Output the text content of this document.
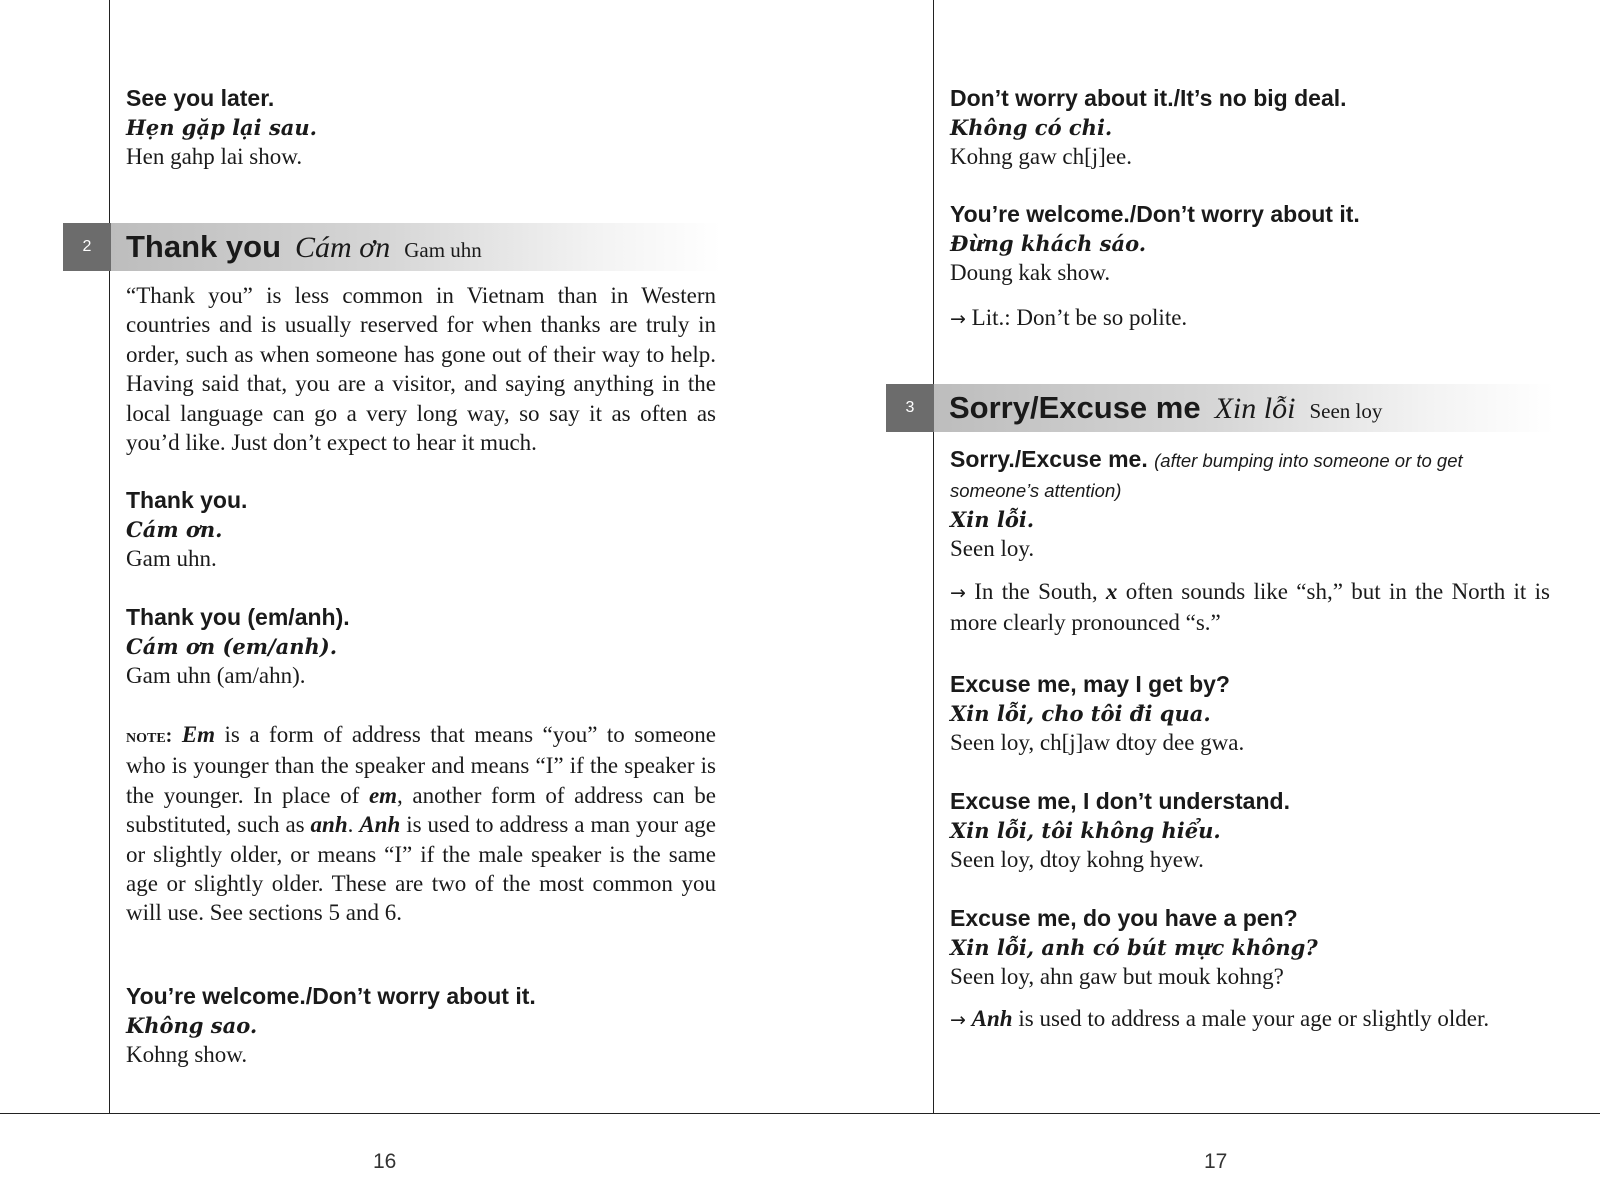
2	Thank you Cám ơn Gam uhn
3	Sorry/Excuse me Xin lỗi Seen loy
See you later.
Hẹn gặp lại sau.
Hen gahp lai show.
“Thank you” is less common in Vietnam than in Western countries and is usually reserved for when thanks are truly in order, such as when someone has gone out of their way to help. Having said that, you are a visitor, and saying anything in the local language can go a very long way, so say it as often as you’d like. Just don’t expect to hear it much.
Thank you.
Cám ơn.
Gam uhn.
Thank you (em/anh).
Cám ơn (em/anh).
Gam uhn (am/ahn).
note: Em is a form of address that means “you” to someone who is younger than the speaker and means “I” if the speaker is the younger. In place of em, another form of address can be substituted, such as anh. Anh is used to address a man your age or slightly older, or means “I” if the male speaker is the same age or slightly older. These are two of the most common you will use. See sections 5 and 6.
You’re welcome./Don’t worry about it.
Không sao.
Kohng show.
Don’t worry about it./It’s no big deal.
Không có chi.
Kohng gaw ch[j]ee.
You’re welcome./Don’t worry about it.
Đừng khách sáo.
Doung kak show.
→ Lit.: Don’t be so polite.
Sorry./Excuse me. (after bumping into someone or to get someone’s attention)
Xin lỗi.
Seen loy.
→ In the South, x often sounds like “sh,” but in the North it is more clearly pronounced “s.”
Excuse me, may I get by?
Xin lỗi, cho tôi đi qua.
Seen loy, ch[j]aw dtoy dee gwa.
Excuse me, I don’t understand.
Xin lỗi, tôi không hiểu.
Seen loy, dtoy kohng hyew.
Excuse me, do you have a pen?
Xin lỗi, anh có bút mực không?
Seen loy, ahn gaw but mouk kohng?
→ Anh is used to address a male your age or slightly older.
16	17
